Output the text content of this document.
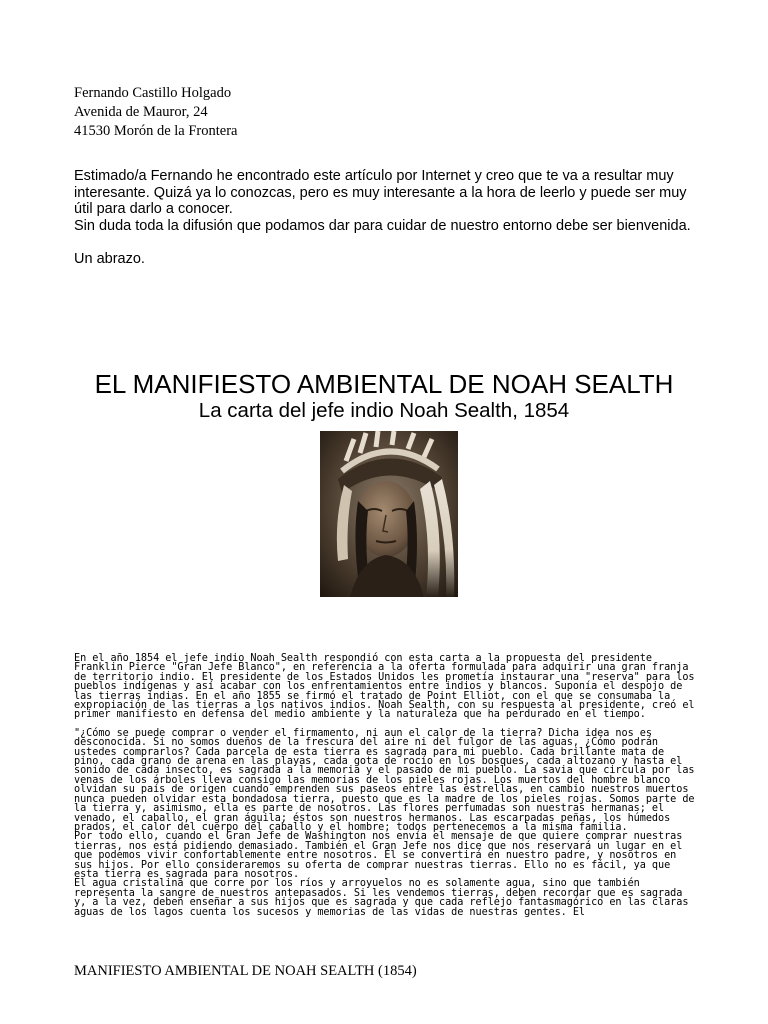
Fernando Castillo Holgado
Avenida de Mauror, 24
41530 Morón de la Frontera

Estimado/a Fernando he encontrado este artículo por Internet y creo que te va a resultar muy interesante. Quizá ya lo conozcas, pero es muy interesante a la hora de leerlo y puede ser muy útil para darlo a conocer.

Sin duda toda la difusión que podamos dar para cuidar de nuestro entorno debe ser bienvenida.

Un abrazo.

EL MANIFIESTO AMBIENTAL DE NOAH SEALTH
La carta del jefe indio Noah Sealth, 1854

En el año 1854 el jefe indio Noah Sealth respondió con esta carta a la propuesta del presidente Franklin Pierce "Gran Jefe Blanco", en referencia a la oferta formulada para adquirir una gran franja de territorio indio. El presidente de los Estados Unidos les prometía instaurar una "reserva" para los pueblos indígenas y así acabar con los enfrentamientos entre indios y blancos. Suponía el despojo de las tierras indias. En el año 1855 se firmó el tratado de Point Elliot, con el que se consumaba la expropiación de las tierras a los nativos indios. Noah Sealth, con su respuesta al presidente, creó el primer manifiesto en defensa del medio ambiente y la naturaleza que ha perdurado en el tiempo.

"¿Cómo se puede comprar o vender el firmamento, ni aun el calor de la tierra? Dicha idea nos es desconocida. Si no somos dueños de la frescura del aire ni del fulgor de las aguas, ¿Cómo podrán ustedes comprarlos? Cada parcela de esta tierra es sagrada para mi pueblo. Cada brillante mata de pino, cada grano de arena en las playas, cada gota de rocío en los bosques, cada altozano y hasta el sonido de cada insecto, es sagrada a la memoria y el pasado de mi pueblo. La savia que circula por las venas de los árboles lleva consigo las memorias de los pieles rojas. Los muertos del hombre blanco olvidan su país de origen cuando emprenden sus paseos entre las estrellas, en cambio nuestros muertos nunca pueden olvidar esta bondadosa tierra, puesto que es la madre de los pieles rojas. Somos parte de la tierra y, asimismo, ella es parte de nosotros. Las flores perfumadas son nuestras hermanas; el venado, el caballo, el gran águila; éstos son nuestros hermanos. Las escarpadas peñas, los húmedos prados, el calor del cuerpo del caballo y el hombre; todos pertenecemos a la misma familia.

Por todo ello, cuando el Gran Jefe de Washington nos envía el mensaje de que quiere comprar nuestras tierras, nos está pidiendo demasiado. También el Gran Jefe nos dice que nos reservará un lugar en el que podemos vivir confortablemente entre nosotros. Él se convertirá en nuestro padre, y nosotros en sus hijos. Por ello consideraremos su oferta de comprar nuestras tierras. Ello no es fácil, ya que esta tierra es sagrada para nosotros.

El agua cristalina que corre por los ríos y arroyuelos no es solamente agua, sino que también representa la sangre de nuestros antepasados. Si les vendemos tierras, deben recordar que es sagrada y, a la vez, deben enseñar a sus hijos que es sagrada y que cada reflejo fantasmagórico en las claras aguas de los lagos cuenta los sucesos y memorias de las vidas de nuestras gentes. El

MANIFIESTO AMBIENTAL DE NOAH SEALTH (1854)
